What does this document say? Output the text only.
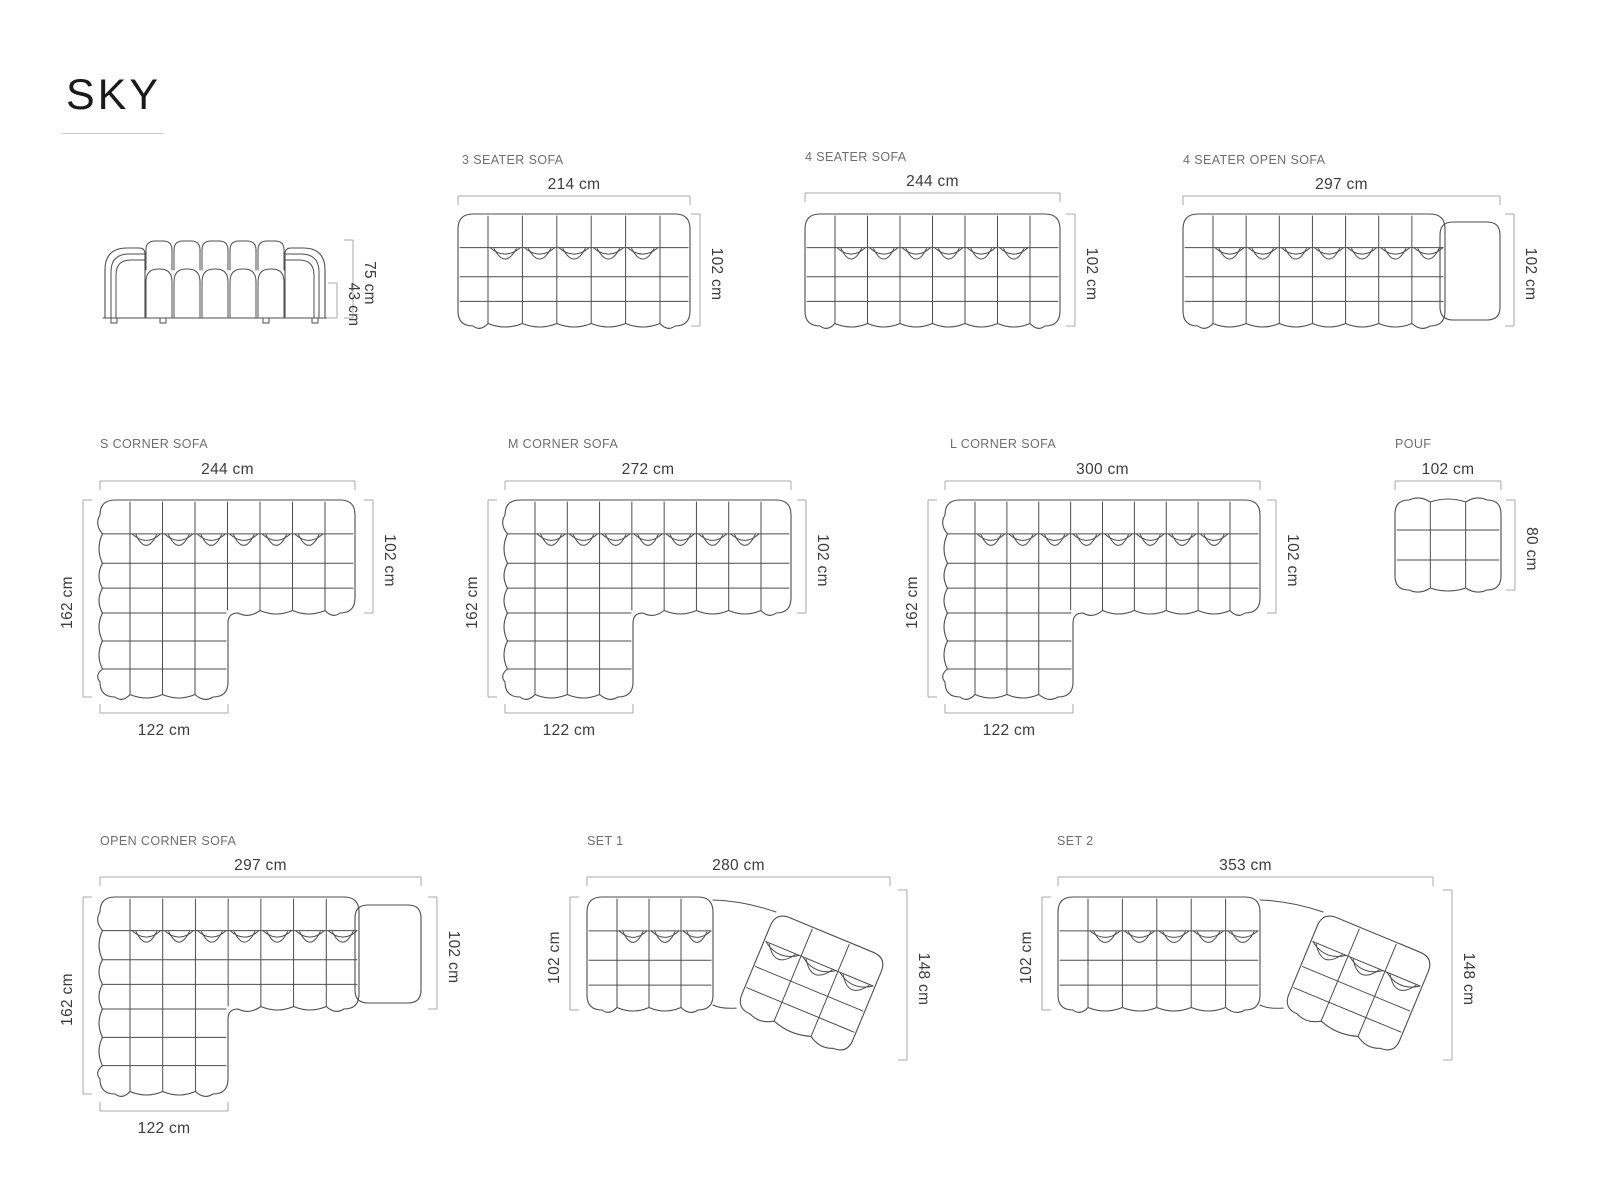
SKY
3 SEATER SOFA	4 SEATER SOFA	4 SEATER OPEN SOFA
S CORNER SOFA	M CORNER SOFA	L CORNER SOFA	POUF
OPEN CORNER SOFA	SET 1	SET 2
75 cm
43 cm
214 cm
102 cm
244 cm
102 cm
297 cm
102 cm
244 cm
102 cm
162 cm
122 cm
272 cm
102 cm
162 cm
122 cm
300 cm
102 cm
162 cm
122 cm
102 cm
80 cm
297 cm
102 cm
162 cm
122 cm
280 cm
102 cm	148 cm
353 cm
102 cm	148 cm
